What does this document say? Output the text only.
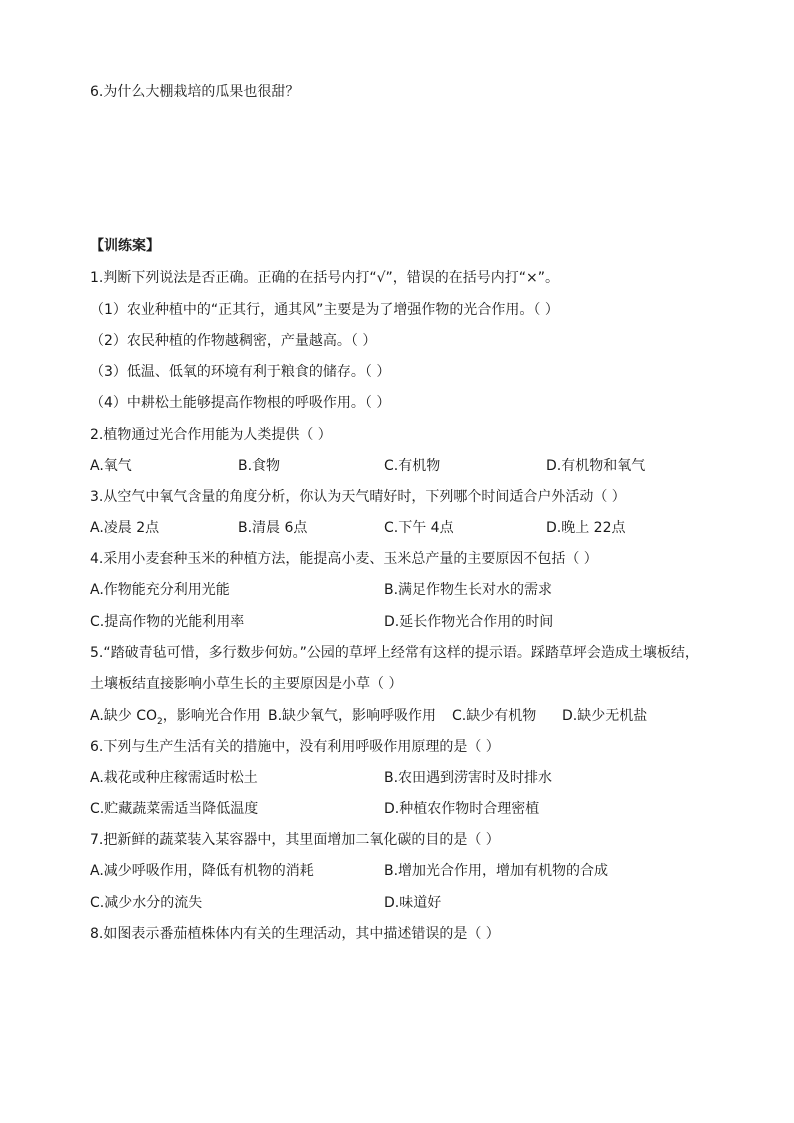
6.为什么大棚栽培的瓜果也很甜？
【训练案】
1.判断下列说法是否正确。正确的在括号内打“√”，错误的在括号内打“×”。
（1）农业种植中的“正其行，通其风”主要是为了增强作物的光合作用。（ ）
（2）农民种植的作物越稠密，产量越高。（ ）
（3）低温、低氧的环境有利于粮食的储存。（ ）
（4）中耕松土能够提高作物根的呼吸作用。（ ）
2.植物通过光合作用能为人类提供（ ）
A.氧气	B.食物	C.有机物	D.有机物和氧气
3.从空气中氧气含量的角度分析，你认为天气晴好时，下列哪个时间适合户外活动（ ）
A.凌晨 2点	B.清晨 6点	C.下午 4点	D.晚上 22点
4.采用小麦套种玉米的种植方法，能提高小麦、玉米总产量的主要原因不包括（ ）
A.作物能充分利用光能	B.满足作物生长对水的需求
C.提高作物的光能利用率	D.延长作物光合作用的时间
5.“踏破青毡可惜，多行数步何妨。”公园的草坪上经常有这样的提示语。踩踏草坪会造成土壤板结，
土壤板结直接影响小草生长的主要原因是小草（ ）
A.缺少 $CO_2$，影响光合作用 B.缺少氧气，影响呼吸作用 C.缺少有机物 D.缺少无机盐
6.下列与生产生活有关的措施中，没有利用呼吸作用原理的是（ ）
A.栽花或种庄稼需适时松土	B.农田遇到涝害时及时排水
C.贮藏蔬菜需适当降低温度	D.种植农作物时合理密植
7.把新鲜的蔬菜装入某容器中，其里面增加二氧化碳的目的是（ ）
A.减少呼吸作用，降低有机物的消耗	B.增加光合作用，增加有机物的合成
C.减少水分的流失	D.味道好
8.如图表示番茄植株体内有关的生理活动，其中描述错误的是（ ）
